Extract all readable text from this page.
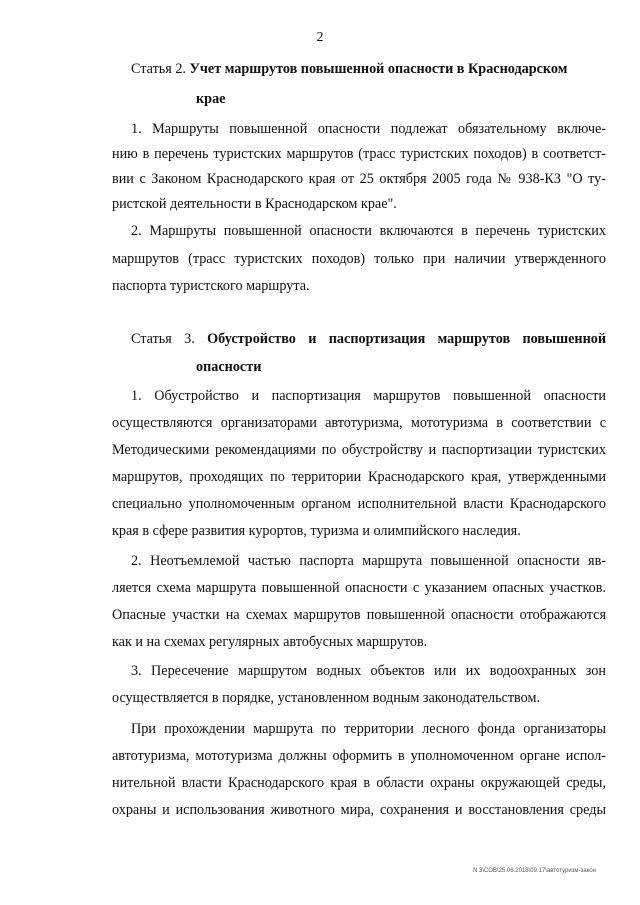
2
Статья 2. Учет маршрутов повышенной опасности в Краснодарском
крае
1. Маршруты повышенной опасности подлежат обязательному включе-
нию в перечень туристских маршрутов (трасс туристских походов) в соответст-
вии с Законом Краснодарского края от 25 октября 2005 года № 938-КЗ "О ту-
ристской деятельности в Краснодарском крае".
2. Маршруты повышенной опасности включаются в перечень туристских
маршрутов (трасс туристских походов) только при наличии утвержденного
паспорта туристского маршрута.
Статья 3. Обустройство и паспортизация маршрутов повышенной
опасности
1. Обустройство и паспортизация маршрутов повышенной опасности
осуществляются организаторами автотуризма, мототуризма в соответствии с
Методическими рекомендациями по обустройству и паспортизации туристских
маршрутов, проходящих по территории Краснодарского края, утвержденными
специально уполномоченным органом исполнительной власти Краснодарского
края в сфере развития курортов, туризма и олимпийского наследия.
2. Неотъемлемой частью паспорта маршрута повышенной опасности яв-
ляется схема маршрута повышенной опасности с указанием опасных участков.
Опасные участки на схемах маршрутов повышенной опасности отображаются
как и на схемах регулярных автобусных маршрутов.
3. Пересечение маршрутом водных объектов или их водоохранных зон
осуществляется в порядке, установленном водным законодательством.
При прохождении маршрута по территории лесного фонда организаторы
автотуризма, мототуризма должны оформить в уполномоченном органе испол-
нительной власти Краснодарского края в области охраны окружающей среды,
охраны и использования животного мира, сохранения и восстановления среды
N 3\СОВ\25.06.2018\09.17\автотуризм-закон
